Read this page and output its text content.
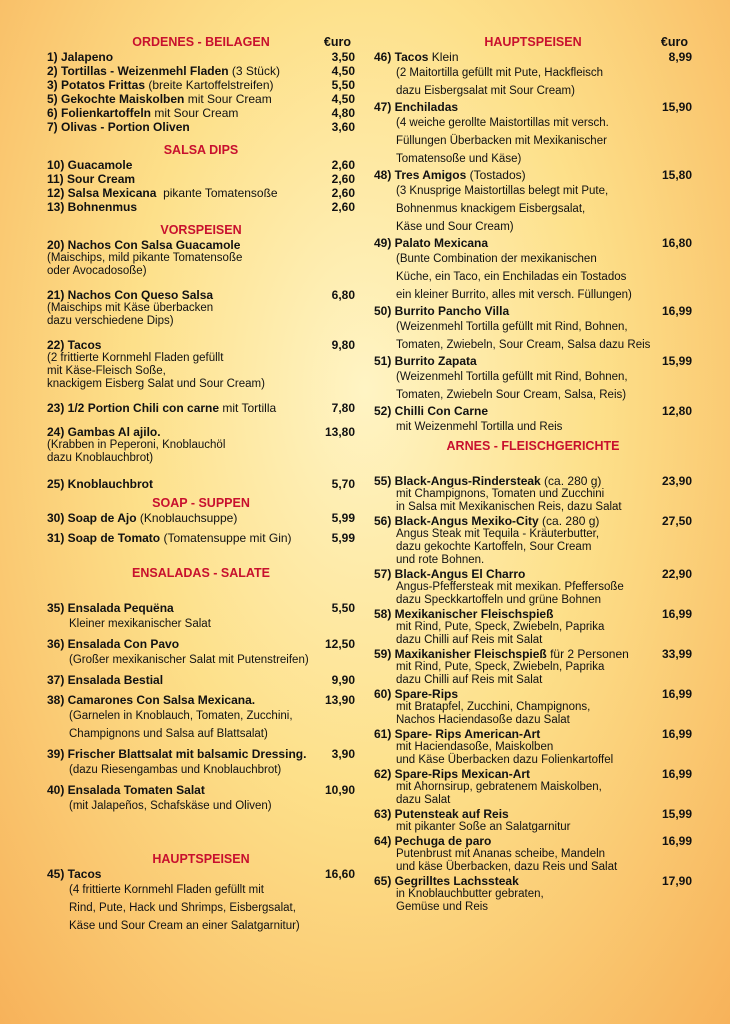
ORDENES - BEILAGEN	€uro
1) Jalapeno	3,50
2) Tortillas - Weizenmehl Fladen (3 Stück)	4,50
3) Potatos Frittas (breite Kartoffelstreifen)	5,50
5) Gekochte Maiskolben mit Sour Cream	4,50
6) Folienkartoffeln mit Sour Cream	4,80
7) Olivas - Portion Oliven	3,60
SALSA DIPS
10) Guacamole	2,60
11) Sour Cream	2,60
12) Salsa Mexicana  pikante Tomatensoße	2,60
13) Bohnenmus	2,60
VORSPEISEN
20) Nachos Con Salsa Guacamole
(Maischips, mild pikante Tomatensoße
oder Avocadosoße)
21) Nachos Con Queso Salsa	6,80
(Maischips mit Käse überbacken
dazu verschiedene Dips)
22) Tacos	9,80
(2 frittierte Kornmehl Fladen gefüllt
mit Käse-Fleisch Soße,
knackigem Eisberg Salat und Sour Cream)
23) 1/2 Portion Chili con carne mit Tortilla	7,80
24) Gambas Al ajilo.	13,80
(Krabben in Peperoni, Knoblauchöl
dazu Knoblauchbrot)
25) Knoblauchbrot	5,70
SOAP - SUPPEN
30) Soap de Ajo (Knoblauchsuppe)	5,99
31) Soap de Tomato (Tomatensuppe mit Gin)	5,99
ENSALADAS - SALATE
35) Ensalada Pequëna	5,50
Kleiner mexikanischer Salat
36) Ensalada Con Pavo	12,50
(Großer mexikanischer Salat mit Putenstreifen)
37) Ensalada Bestial	9,90
38) Camarones Con Salsa Mexicana.	13,90
(Garnelen in Knoblauch, Tomaten, Zucchini,
Champignons und Salsa auf Blattsalat)
39) Frischer Blattsalat mit balsamic Dressing.	3,90
(dazu Riesengambas und Knoblauchbrot)
40) Ensalada Tomaten Salat	10,90
(mit Jalapeños, Schafskäse und Oliven)
HAUPTSPEISEN
45) Tacos	16,60
(4 frittierte Kornmehl Fladen gefüllt mit
Rind, Pute, Hack und Shrimps, Eisbergsalat,
Käse und Sour Cream an einer Salatgarnitur)
HAUPTSPEISEN	€uro
46) Tacos Klein	8,99
(2 Maitortilla gefüllt mit Pute, Hackfleisch
dazu Eisbergsalat mit Sour Cream)
47) Enchiladas	15,90
(4 weiche gerollte Maistortillas mit versch.
Füllungen Überbacken mit Mexikanischer
Tomatensoße und Käse)
48) Tres Amigos (Tostados)	15,80
(3 Knusprige Maistortillas belegt mit Pute,
Bohnenmus knackigem Eisbergsalat,
Käse und Sour Cream)
49) Palato Mexicana	16,80
(Bunte Combination der mexikanischen
Küche, ein Taco, ein Enchiladas ein Tostados
ein kleiner Burrito, alles mit versch. Füllungen)
50) Burrito Pancho Villa	16,99
(Weizenmehl Tortilla gefüllt mit Rind, Bohnen,
Tomaten, Zwiebeln, Sour Cream, Salsa dazu Reis
51) Burrito Zapata	15,99
(Weizenmehl Tortilla gefüllt mit Rind, Bohnen,
Tomaten, Zwiebeln Sour Cream, Salsa, Reis)
52) Chilli Con Carne	12,80
mit Weizenmehl Tortilla und Reis
ARNES - FLEISCHGERICHTE
55) Black-Angus-Rindersteak (ca. 280 g)	23,90
mit Champignons, Tomaten und Zucchini
in Salsa mit Mexikanischen Reis, dazu Salat
56) Black-Angus Mexiko-City (ca. 280 g)	27,50
Angus Steak mit Tequila - Kräuterbutter,
dazu gekochte Kartoffeln, Sour Cream
und rote Bohnen.
57) Black-Angus El Charro	22,90
Angus-Pfeffersteak mit mexikan. Pfeffersoße
dazu Speckkartoffeln und grüne Bohnen
58) Mexikanischer Fleischspieß	16,99
mit Rind, Pute, Speck, Zwiebeln, Paprika
dazu Chilli auf Reis mit Salat
59) Maxikanisher Fleischspieß für 2 Personen	33,99
mit Rind, Pute, Speck, Zwiebeln, Paprika
dazu Chilli auf Reis mit Salat
60) Spare-Rips	16,99
mit Bratapfel, Zucchini, Champignons,
Nachos Haciendasoße dazu Salat
61) Spare- Rips American-Art	16,99
mit Haciendasoße, Maiskolben
und Käse Überbacken dazu Folienkartoffel
62) Spare-Rips Mexican-Art	16,99
mit Ahornsirup, gebratenem Maiskolben,
dazu Salat
63) Putensteak auf Reis	15,99
mit pikanter Soße an Salatgarnitur
64) Pechuga de paro	16,99
Putenbrust mit Ananas scheibe, Mandeln
und käse Überbacken, dazu Reis und Salat
65) Gegrilltes Lachssteak	17,90
in Knoblauchbutter gebraten,
Gemüse und Reis
